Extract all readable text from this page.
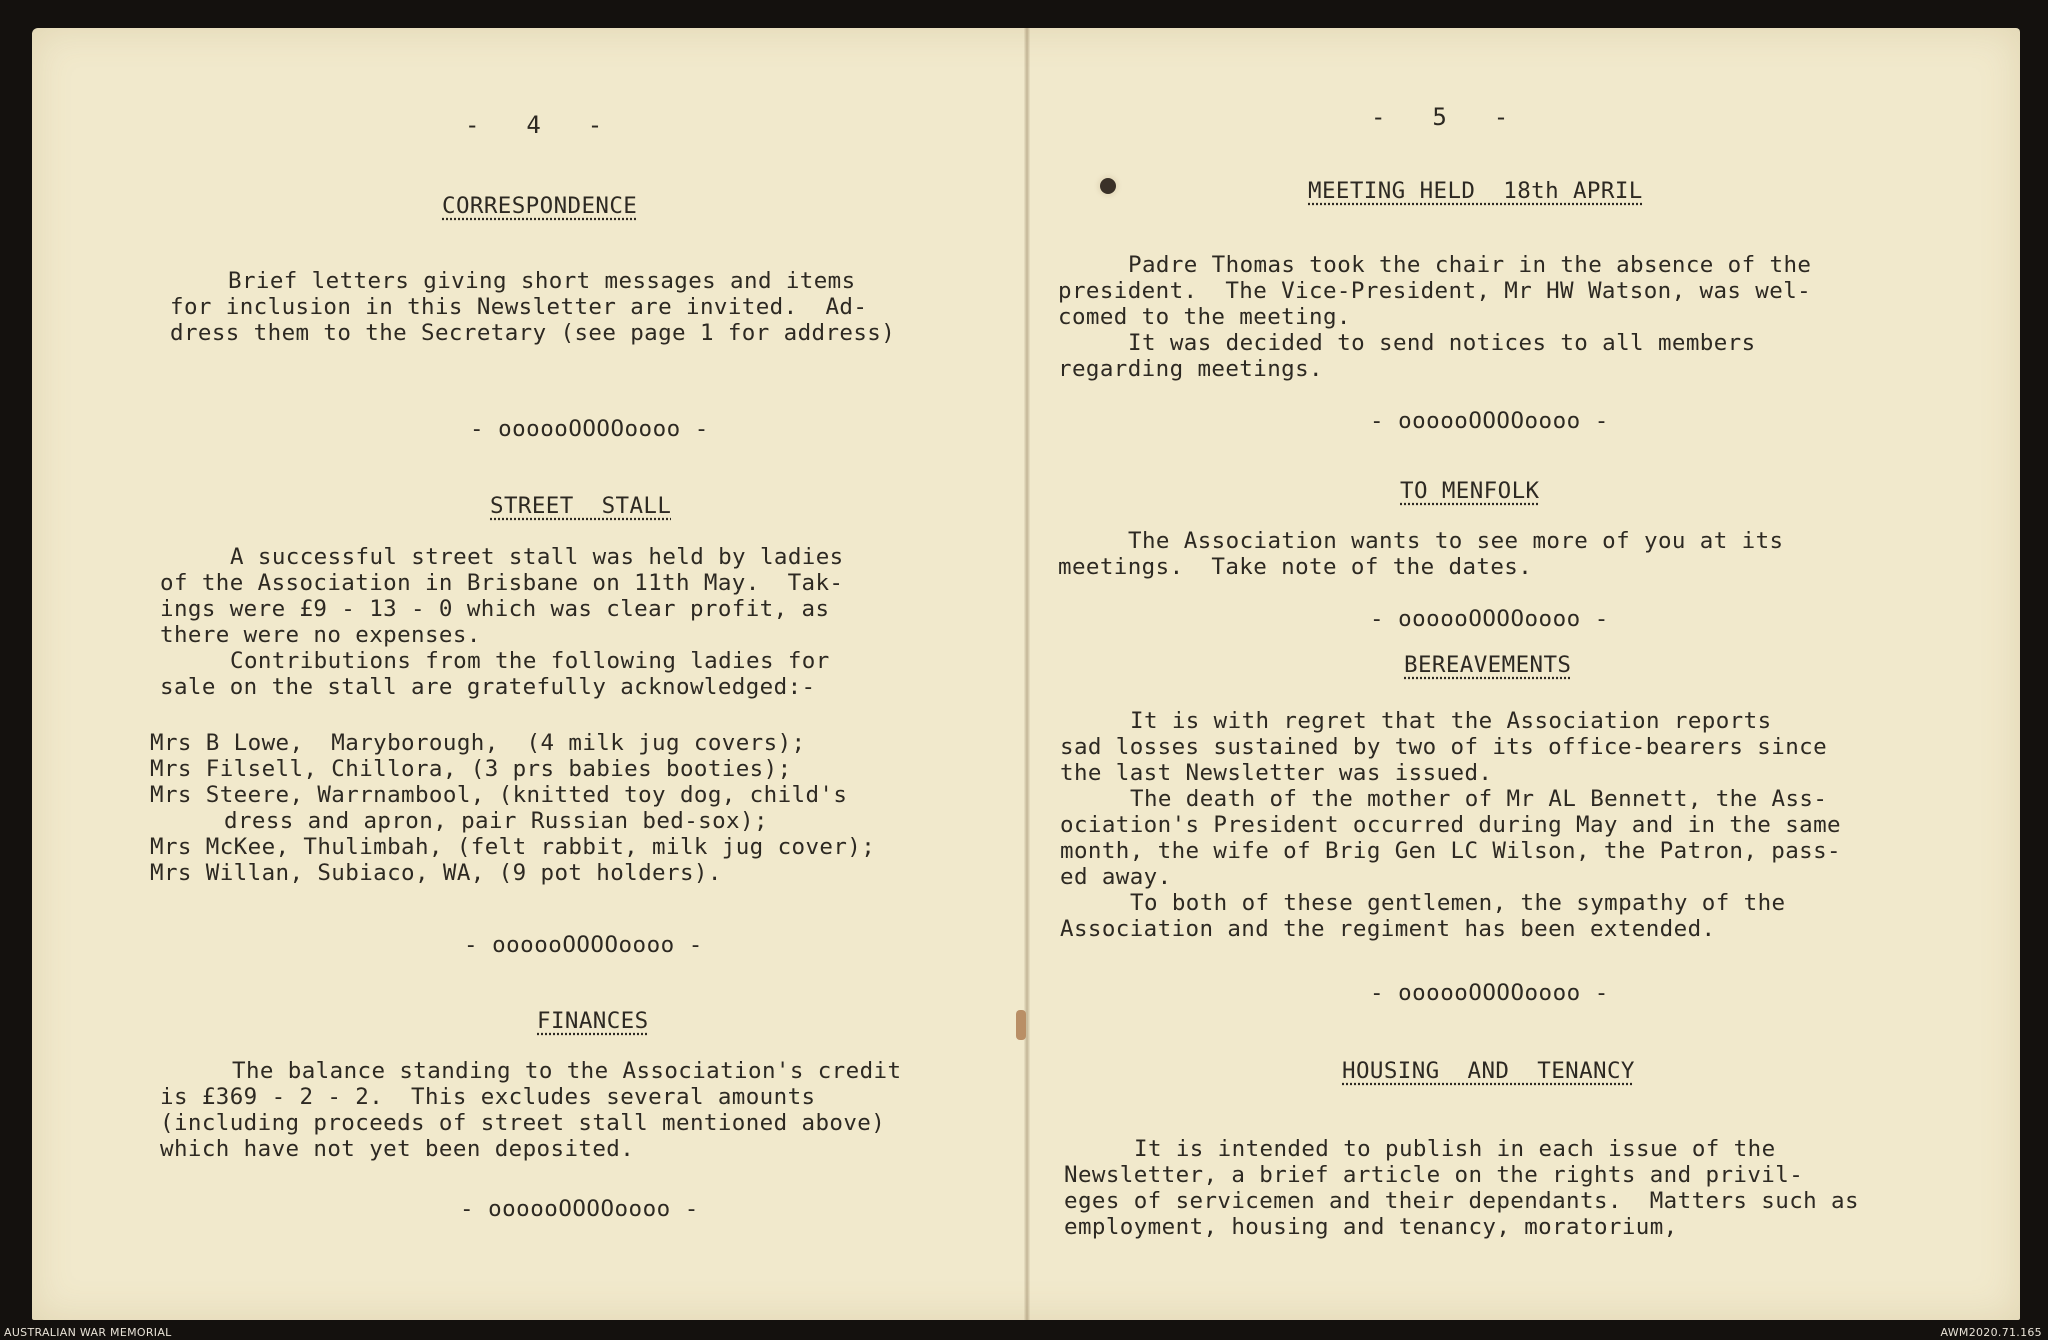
-  4  -

CORRESPONDENCE

Brief letters giving short messages and items

for inclusion in this Newsletter are invited.  Ad-

dress them to the Secretary (see page 1 for address)

- oooooOOOOoooo -

STREET  STALL

A successful street stall was held by ladies

of the Association in Brisbane on 11th May.  Tak-

ings were £9 - 13 - 0 which was clear profit, as

there were no expenses.

Contributions from the following ladies for

sale on the stall are gratefully acknowledged:-

Mrs B Lowe,  Maryborough,  (4 milk jug covers);

Mrs Filsell, Chillora, (3 prs babies booties);

Mrs Steere, Warrnambool, (knitted toy dog, child's

dress and apron, pair Russian bed-sox);

Mrs McKee, Thulimbah, (felt rabbit, milk jug cover);

Mrs Willan, Subiaco, WA, (9 pot holders).

- oooooOOOOoooo -

FINANCES

The balance standing to the Association's credit

is £369 - 2 - 2.  This excludes several amounts

(including proceeds of street stall mentioned above)

which have not yet been deposited.

- oooooOOOOoooo -

-  5  -

MEETING HELD  18th APRIL

Padre Thomas took the chair in the absence of the

president.  The Vice-President, Mr HW Watson, was wel-

comed to the meeting.

It was decided to send notices to all members

regarding meetings.

- oooooOOOOoooo -

TO MENFOLK

The Association wants to see more of you at its

meetings.  Take note of the dates.

- oooooOOOOoooo -

BEREAVEMENTS

It is with regret that the Association reports

sad losses sustained by two of its office-bearers since

the last Newsletter was issued.

The death of the mother of Mr AL Bennett, the Ass-

ociation's President occurred during May and in the same

month, the wife of Brig Gen LC Wilson, the Patron, pass-

ed away.

To both of these gentlemen, the sympathy of the

Association and the regiment has been extended.

- oooooOOOOoooo -

HOUSING  AND  TENANCY

It is intended to publish in each issue of the

Newsletter, a brief article on the rights and privil-

eges of servicemen and their dependants.  Matters such as

employment, housing and tenancy, moratorium,

AUSTRALIAN WAR MEMORIAL	AWM2020.71.165
